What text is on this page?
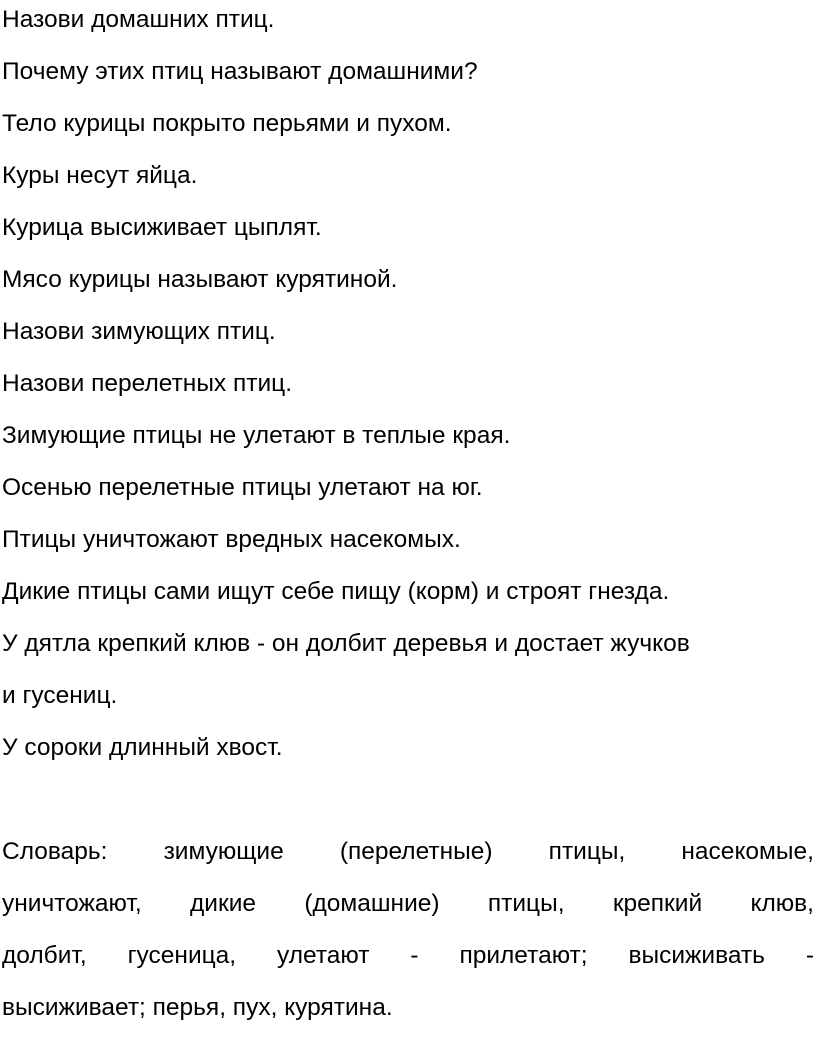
Назови домашних птиц.
Почему этих птиц называют домашними?
Тело курицы покрыто перьями и пухом.
Куры несут яйца.
Курица высиживает цыплят.
Мясо курицы называют курятиной.
Назови зимующих птиц.
Назови перелетных птиц.
Зимующие птицы не улетают в теплые края.
Осенью перелетные птицы улетают на юг.
Птицы уничтожают вредных насекомых.
Дикие птицы сами ищут себе пищу (корм) и строят гнезда.
У дятла крепкий клюв - он долбит деревья и достает жучков
и гусениц.
У сороки длинный хвост.
Словарь: зимующие (перелетные) птицы, насекомые,
уничтожают, дикие (домашние) птицы, крепкий клюв,
долбит, гусеница, улетают - прилетают; высиживать -
высиживает; перья, пух, курятина.
